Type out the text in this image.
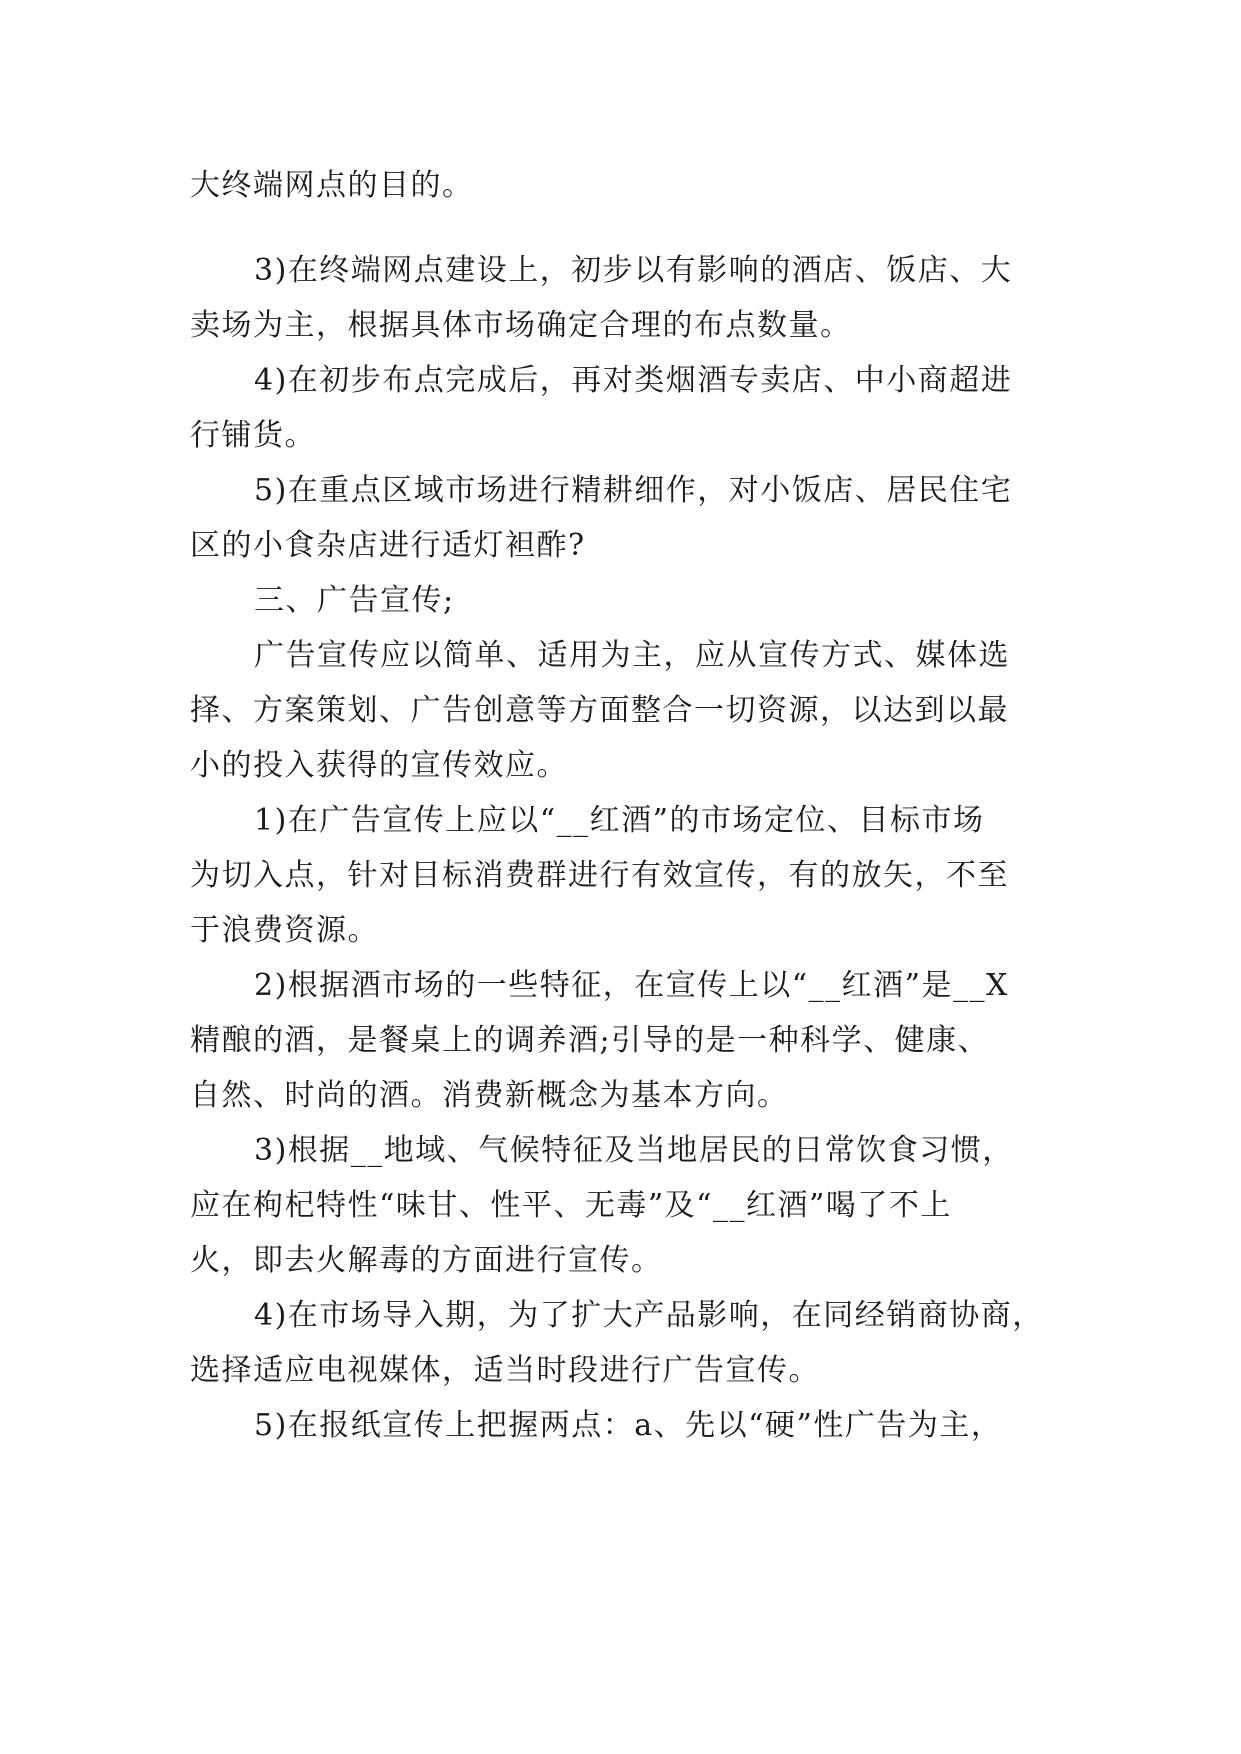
大终端网点的目的。

3)在终端网点建设上，初步以有影响的酒店、饭店、大

卖场为主，根据具体市场确定合理的布点数量。

4)在初步布点完成后，再对类烟酒专卖店、中小商超进

行铺货。

5)在重点区域市场进行精耕细作，对小饭店、居民住宅

区的小食杂店进行适灯袒酢?

三、广告宣传;

广告宣传应以简单、适用为主，应从宣传方式、媒体选

择、方案策划、广告创意等方面整合一切资源，以达到以最

小的投入获得的宣传效应。

1)在广告宣传上应以“__红酒”的市场定位、目标市场

为切入点，针对目标消费群进行有效宣传，有的放矢，不至

于浪费资源。

2)根据酒市场的一些特征，在宣传上以“__红酒”是__X

精酿的酒，是餐桌上的调养酒;引导的是一种科学、健康、

自然、时尚的酒。消费新概念为基本方向。

3)根据__地域、气候特征及当地居民的日常饮食习惯，

应在枸杞特性“味甘、性平、无毒”及“__红酒”喝了不上

火，即去火解毒的方面进行宣传。

4)在市场导入期，为了扩大产品影响，在同经销商协商，

选择适应电视媒体，适当时段进行广告宣传。

5)在报纸宣传上把握两点：a、先以“硬”性广告为主，
